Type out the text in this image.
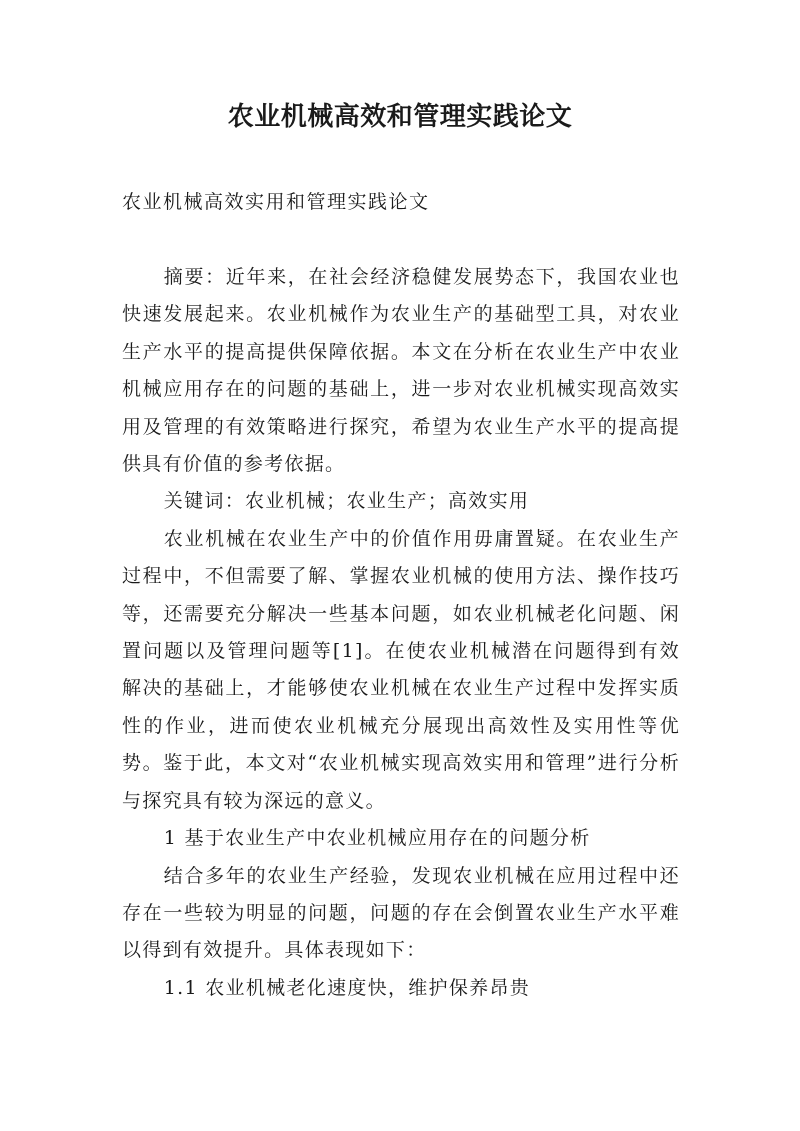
农业机械高效和管理实践论文

农业机械高效实用和管理实践论文

摘要：近年来，在社会经济稳健发展势态下，我国农业也快速发展起来。农业机械作为农业生产的基础型工具，对农业生产水平的提高提供保障依据。本文在分析在农业生产中农业机械应用存在的问题的基础上，进一步对农业机械实现高效实用及管理的有效策略进行探究，希望为农业生产水平的提高提供具有价值的参考依据。

关键词：农业机械；农业生产；高效实用

农业机械在农业生产中的价值作用毋庸置疑。在农业生产过程中，不但需要了解、掌握农业机械的使用方法、操作技巧等，还需要充分解决一些基本问题，如农业机械老化问题、闲置问题以及管理问题等[1]。在使农业机械潜在问题得到有效解决的基础上，才能够使农业机械在农业生产过程中发挥实质性的作业，进而使农业机械充分展现出高效性及实用性等优势。鉴于此，本文对“农业机械实现高效实用和管理”进行分析与探究具有较为深远的意义。

1 基于农业生产中农业机械应用存在的问题分析

结合多年的农业生产经验，发现农业机械在应用过程中还存在一些较为明显的问题，问题的存在会倒置农业生产水平难以得到有效提升。具体表现如下：

1.1 农业机械老化速度快，维护保养昂贵
